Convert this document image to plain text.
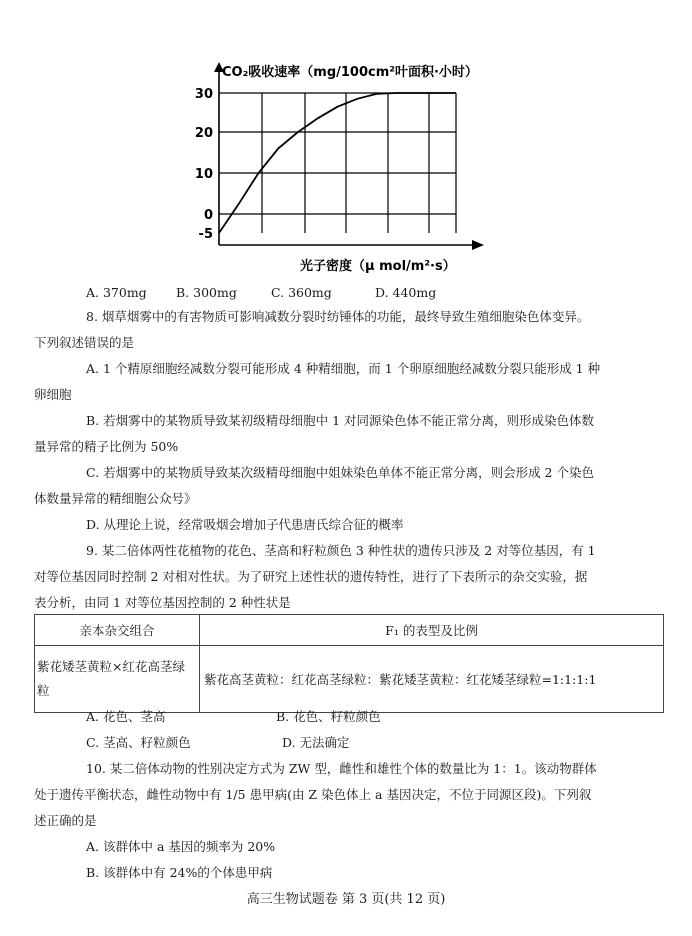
30
20
10
0
-5
CO₂吸收速率（mg/100cm²叶面积·小时）
光子密度（μ mol/m²·s）
A. 370mg B. 300mg	C. 360mg	D. 440mg
8. 烟草烟雾中的有害物质可影响减数分裂时纺锤体的功能，最终导致生殖细胞染色体变异。
下列叙述错误的是
A. 1 个精原细胞经减数分裂可能形成 4 种精细胞，而 1 个卵原细胞经减数分裂只能形成 1 种
卵细胞
B. 若烟雾中的某物质导致某初级精母细胞中 1 对同源染色体不能正常分离，则形成染色体数
量异常的精子比例为 50%
C. 若烟雾中的某物质导致某次级精母细胞中姐妹染色单体不能正常分离，则会形成 2 个染色
体数量异常的精细胞公众号》
D. 从理论上说，经常吸烟会增加子代患唐氏综合征的概率
9. 某二倍体两性花植物的花色、茎高和籽粒颜色 3 种性状的遗传只涉及 2 对等位基因，有 1
对等位基因同时控制 2 对相对性状。为了研究上述性状的遗传特性，进行了下表所示的杂交实验，据
表分析，由同 1 对等位基因控制的 2 种性状是
亲本杂交组合	F₁ 的表型及比例
紫花矮茎黄粒×红花高茎绿粒	紫花高茎黄粒：红花高茎绿粒：紫花矮茎黄粒：红花矮茎绿粒=1:1:1:1
A. 花色、茎高	B. 花色、籽粒颜色
C. 茎高、籽粒颜色	D. 无法确定
10. 某二倍体动物的性别决定方式为 ZW 型，雌性和雄性个体的数量比为 1：1。该动物群体
处于遗传平衡状态，雌性动物中有 1/5 患甲病(由 Z 染色体上 a 基因决定，不位于同源区段)。下列叙
述正确的是
A. 该群体中 a 基因的频率为 20%
B. 该群体中有 24%的个体患甲病
高三生物试题卷 第 3 页(共 12 页)
